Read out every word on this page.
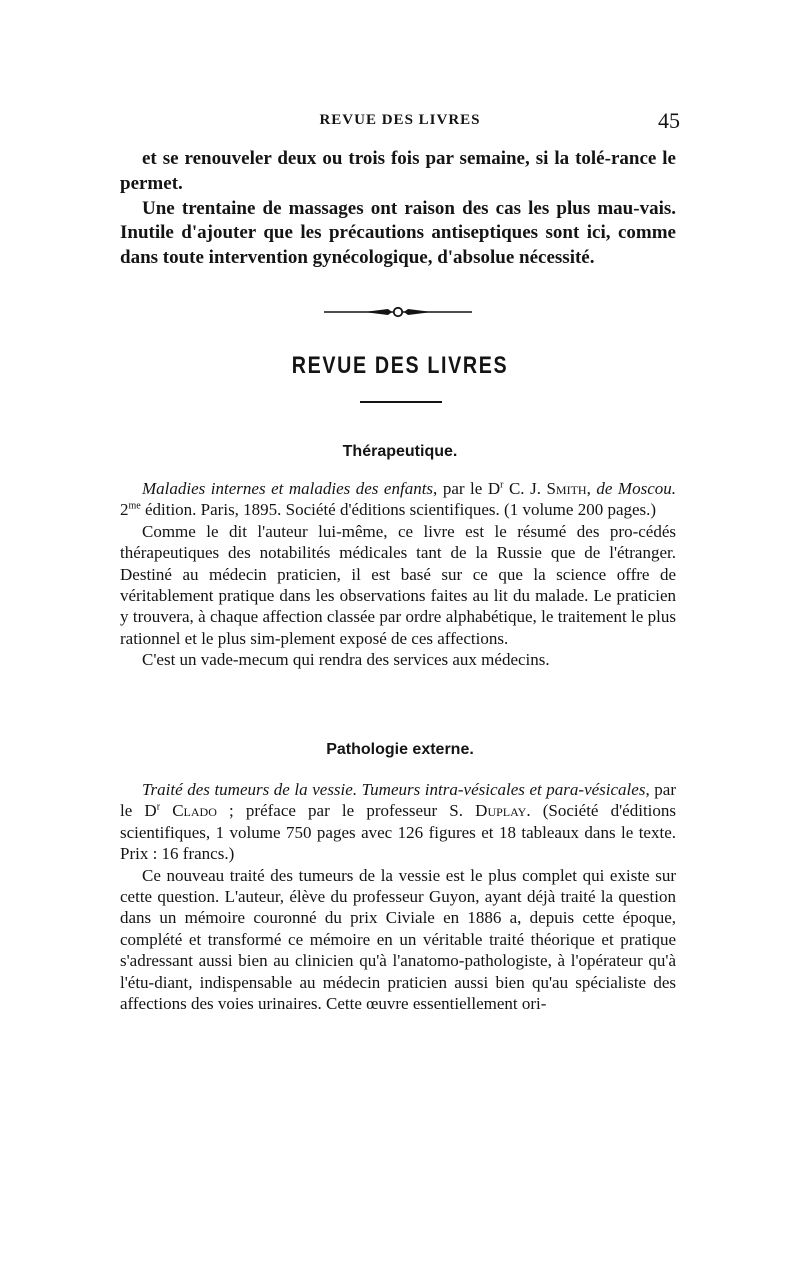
REVUE DES LIVRES	45

et se renouveler deux ou trois fois par semaine, si la tolé-rance le permet.

Une trentaine de massages ont raison des cas les plus mau-vais. Inutile d'ajouter que les précautions antiseptiques sont ici, comme dans toute intervention gynécologique, d'absolue nécessité.

REVUE DES LIVRES
Thérapeutique.

Maladies internes et maladies des enfants, par le $D^r$ C. J. Smith, de Moscou. $2^{me}$ édition. Paris, 1895. Société d'éditions scientifiques. (1 volume 200 pages.)

Comme le dit l'auteur lui-même, ce livre est le résumé des pro-cédés thérapeutiques des notabilités médicales tant de la Russie que de l'étranger. Destiné au médecin praticien, il est basé sur ce que la science offre de véritablement pratique dans les observations faites au lit du malade. Le praticien y trouvera, à chaque affection classée par ordre alphabétique, le traitement le plus rationnel et le plus sim-plement exposé de ces affections.

C'est un vade-mecum qui rendra des services aux médecins.

Pathologie externe.

Traité des tumeurs de la vessie. Tumeurs intra-vésicales et para-vésicales, par le $D^r$ Clado ; préface par le professeur S. Duplay. (Société d'éditions scientifiques, 1 volume 750 pages avec 126 figures et 18 tableaux dans le texte. Prix : 16 francs.)

Ce nouveau traité des tumeurs de la vessie est le plus complet qui existe sur cette question. L'auteur, élève du professeur Guyon, ayant déjà traité la question dans un mémoire couronné du prix Civiale en 1886 a, depuis cette époque, complété et transformé ce mémoire en un véritable traité théorique et pratique s'adressant aussi bien au clinicien qu'à l'anatomo-pathologiste, à l'opérateur qu'à l'étu-diant, indispensable au médecin praticien aussi bien qu'au spécialiste des affections des voies urinaires. Cette œuvre essentiellement ori-
